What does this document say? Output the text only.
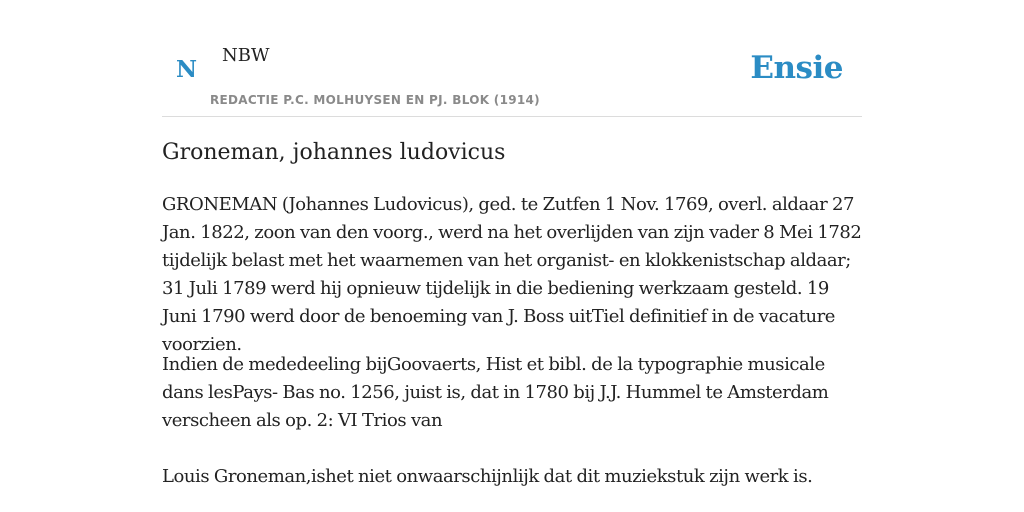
N
NBW
REDACTIE P.C. MOLHUYSEN EN PJ. BLOK (1914)
Ensie
Groneman, johannes ludovicus

GRONEMAN (Johannes Ludovicus), ged. te Zutfen 1 Nov. 1769, overl. aldaar 27 Jan. 1822, zoon van den voorg., werd na het overlijden van zijn vader 8 Mei 1782 tijdelijk belast met het waarnemen van het organist- en klokkenistschap aldaar; 31 Juli 1789 werd hij opnieuw tijdelijk in die bediening werkzaam gesteld. 19 Juni 1790 werd door de benoeming van J. Boss uitTiel definitief in de vacature voorzien.

Indien de mededeeling bijGoovaerts, Hist et bibl. de la typographie musicale dans lesPays- Bas no. 1256, juist is, dat in 1780 bij J.J. Hummel te Amsterdam verscheen als op. 2: VI Trios van

Louis Groneman,ishet niet onwaarschijnlijk dat dit muziekstuk zijn werk is.
